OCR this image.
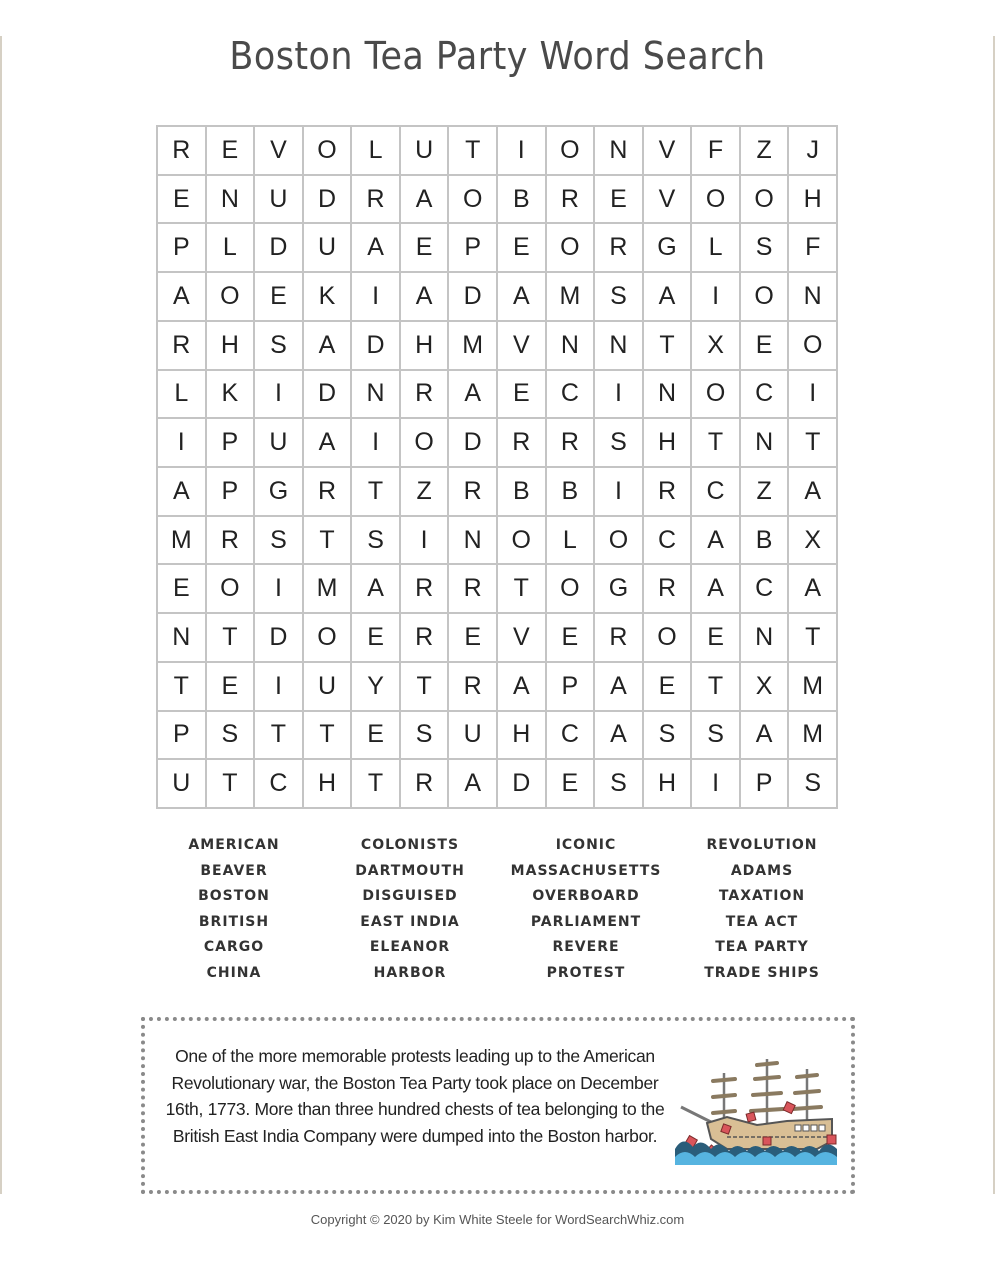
Boston Tea Party Word Search
R	E	V	O	L	U	T	I	O	N	V	F	Z	J
E	N	U	D	R	A	O	B	R	E	V	O	O	H
P	L	D	U	A	E	P	E	O	R	G	L	S	F
A	O	E	K	I	A	D	A	M	S	A	I	O	N
R	H	S	A	D	H	M	V	N	N	T	X	E	O
L	K	I	D	N	R	A	E	C	I	N	O	C	I
I	P	U	A	I	O	D	R	R	S	H	T	N	T
A	P	G	R	T	Z	R	B	B	I	R	C	Z	A
M	R	S	T	S	I	N	O	L	O	C	A	B	X
E	O	I	M	A	R	R	T	O	G	R	A	C	A
N	T	D	O	E	R	E	V	E	R	O	E	N	T
T	E	I	U	Y	T	R	A	P	A	E	T	X	M
P	S	T	T	E	S	U	H	C	A	S	S	A	M
U	T	C	H	T	R	A	D	E	S	H	I	P	S
AMERICAN	COLONISTS	ICONIC	REVOLUTION
BEAVER	DARTMOUTH	MASSACHUSETTS	ADAMS
BOSTON	DISGUISED	OVERBOARD	TAXATION
BRITISH	EAST INDIA	PARLIAMENT	TEA ACT
CARGO	ELEANOR	REVERE	TEA PARTY
CHINA	HARBOR	PROTEST	TRADE SHIPS
One of the more memorable protests leading up to the American Revolutionary war, the Boston Tea Party took place on December 16th, 1773. More than three hundred chests of tea belonging to the British East India Company were dumped into the Boston harbor.
Copyright © 2020 by Kim White Steele for WordSearchWhiz.com
